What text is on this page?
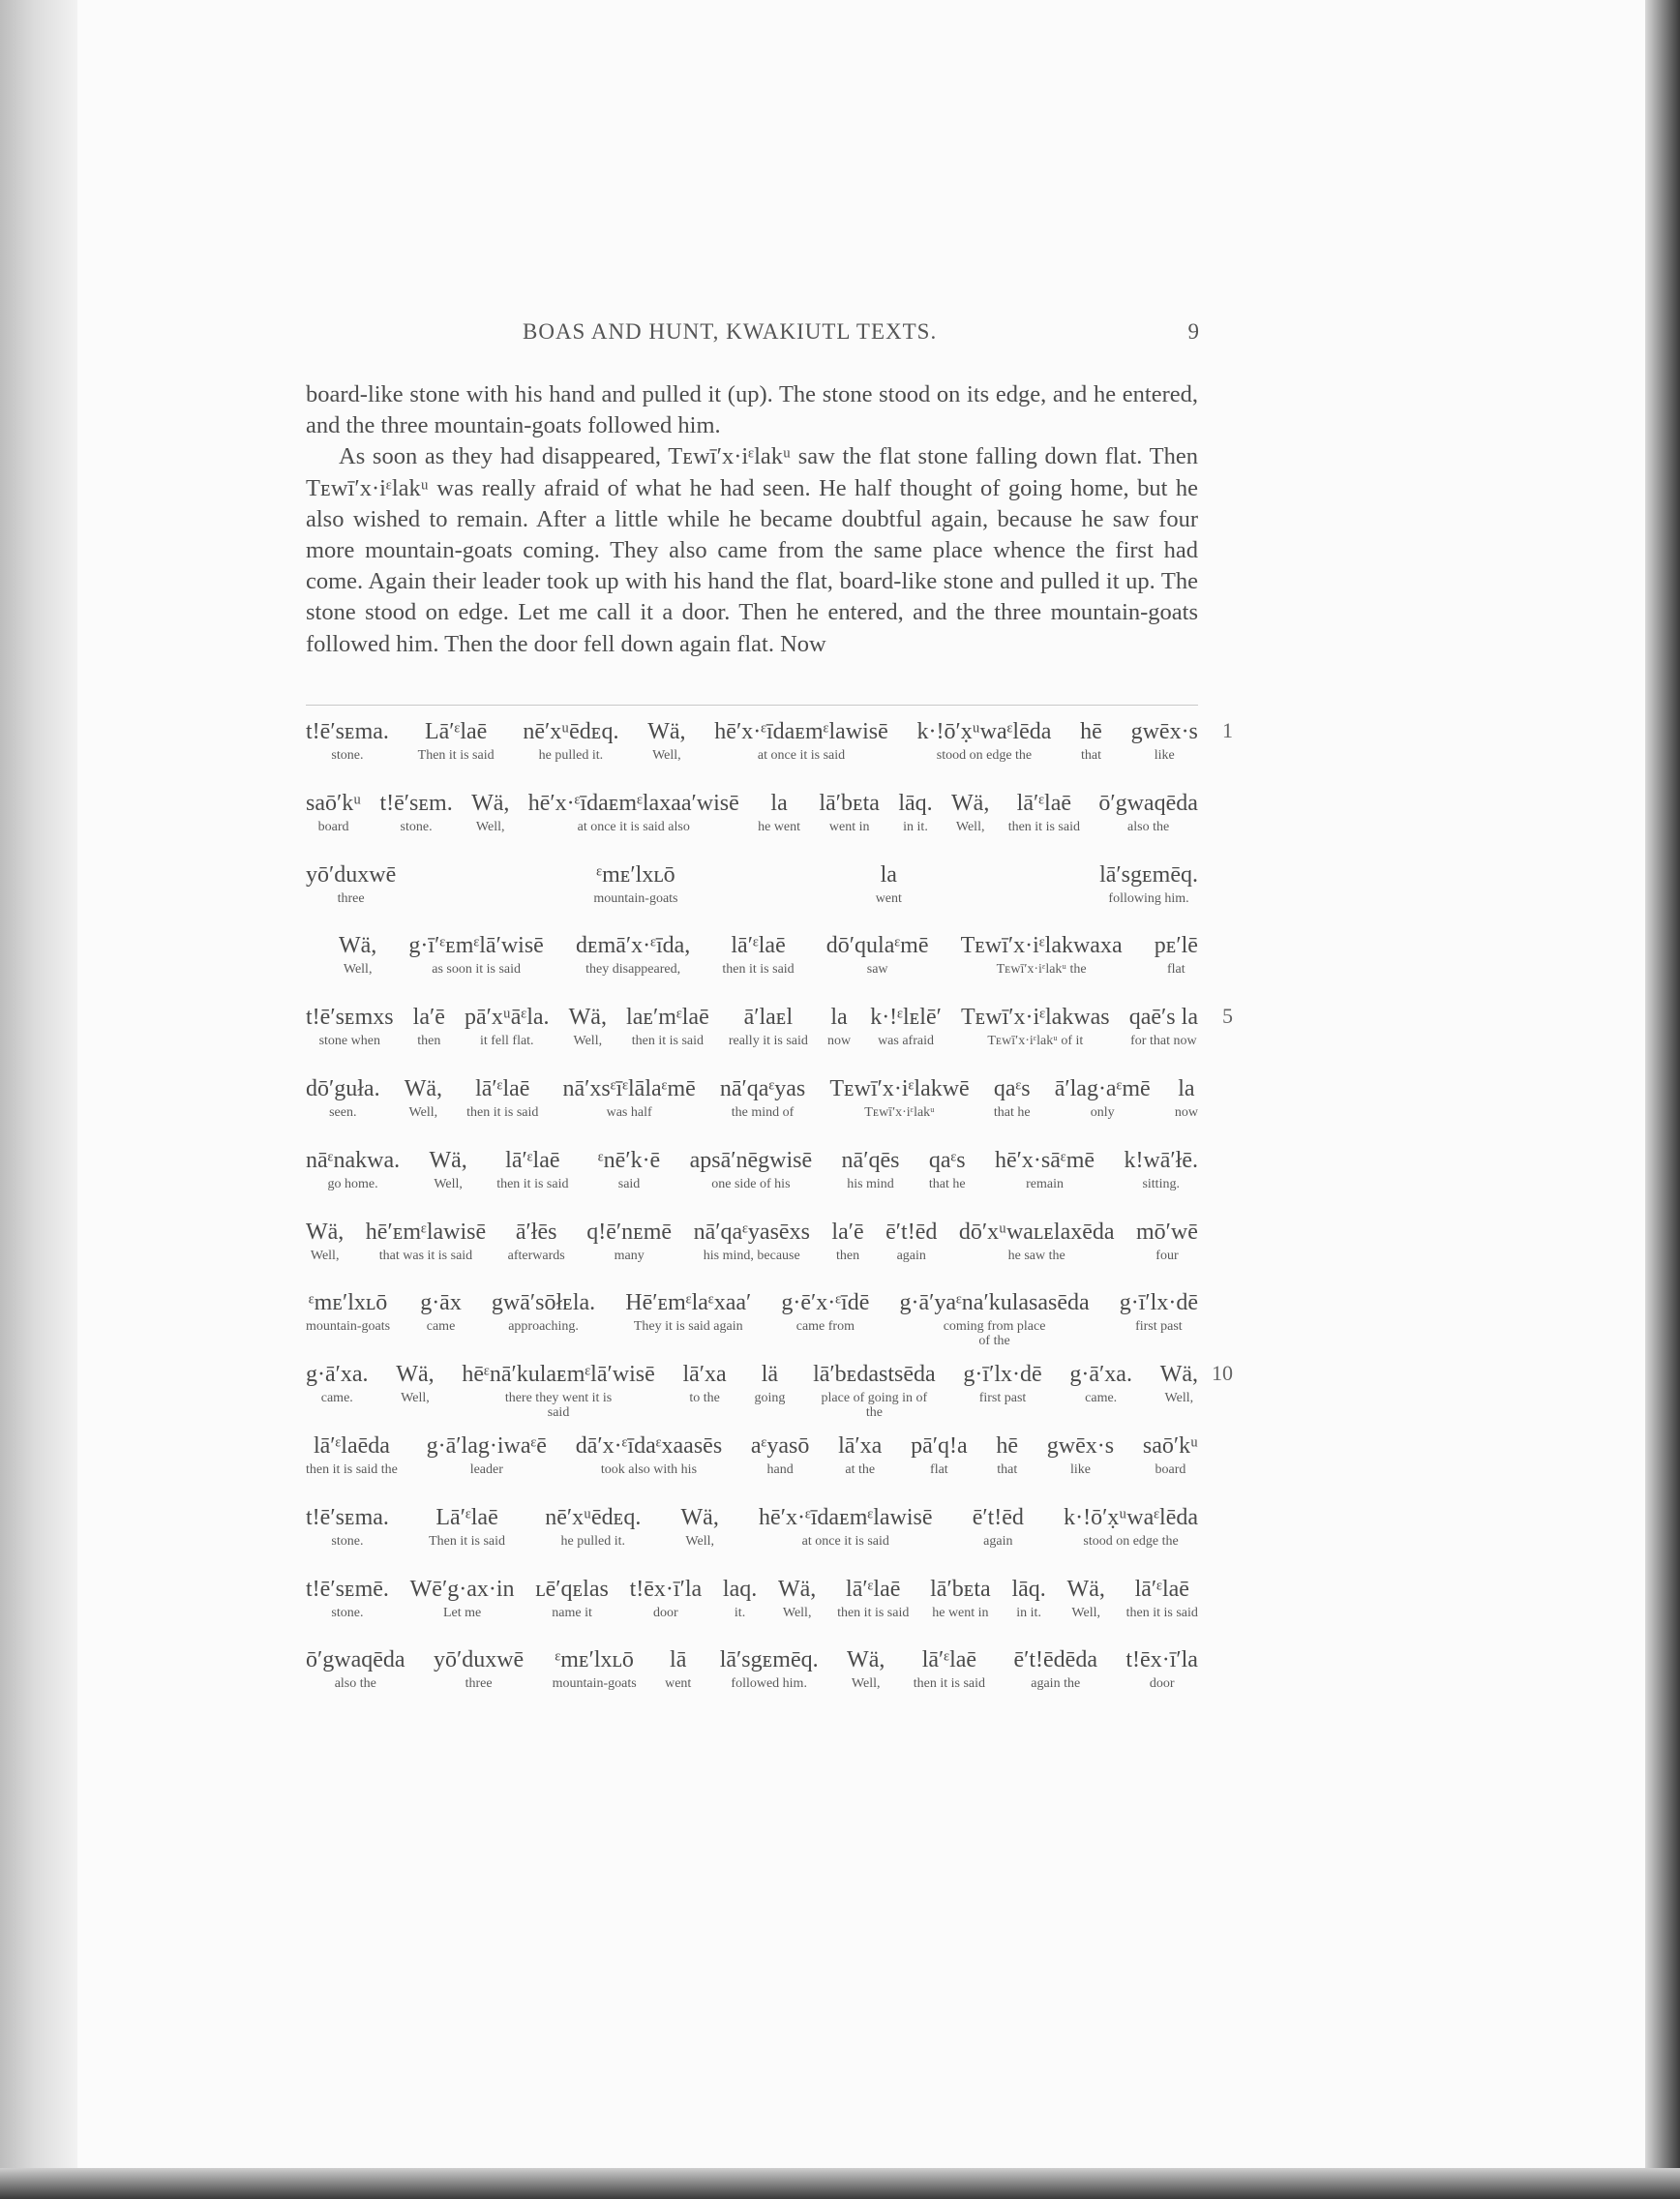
BOAS AND HUNT, KWAKIUTL TEXTS.	9

board-like stone with his hand and pulled it (up). The stone stood on its edge, and he entered, and the three mountain-goats followed him.

As soon as they had disappeared, Tᴇwī′x·iᵋlakᵘ saw the flat stone falling down flat. Then Tᴇwī′x·iᵋlakᵘ was really afraid of what he had seen. He half thought of going home, but he also wished to remain. After a little while he became doubtful again, because he saw four more mountain-goats coming. They also came from the same place whence the first had come. Again their leader took up with his hand the flat, board-like stone and pulled it up. The stone stood on edge. Let me call it a door. Then he entered, and the three mountain-goats followed him. Then the door fell down again flat. Now

t!ē′sᴇma.
stone.
Lā′ᵋlaē
Then it is said
nē′xᵘēdᴇq.
he pulled it.
Wä,
Well,
hē′x·ᵋīdaᴇmᵋlawisē
at once it is said
k·!ō′x̣ᵘwaᵋlēda
stood on edge the
hē
that
gwēx·s
like
1
saō′kᵘ
board
t!ē′sᴇm.
stone.
Wä,
Well,
hē′x·ᵋīdaᴇmᵋlaxaa′wisē
at once it is said also
la
he went
lā′bᴇta
went in
lāq.
in it.
Wä,
Well,
lā′ᵋlaē
then it is said
ō′gwaqēda
also the
yō′duxwē
three
ᵋmᴇ′lxʟō
mountain-goats
la
went
lā′sgᴇmēq.
following him.
Wä,
Well,
g·ī′ᵋᴇmᵋlā′wisē
as soon it is said
dᴇmā′x·ᵋīda,
they disappeared,
lā′ᵋlaē
then it is said
dō′qulaᵋmē
saw
Tᴇwī′x·iᵋlakwaxa
Tᴇwī′x·iᵋlakᵘ the
pᴇ′lē
flat
t!ē′sᴇmxs
stone when
la′ē
then
pā′xᵘāᵋla.
it fell flat.
Wä,
Well,
laᴇ′mᵋlaē
then it is said
ā′laᴇl
really it is said
la
now
k·!ᵋlᴇlē′
was afraid
Tᴇwī′x·iᵋlakwas
Tᴇwī′x·iᵋlakᵘ of it
qaē′s la
for that now
5
dō′gułа.
seen.
Wä,
Well,
lā′ᵋlaē
then it is said
nā′xsᵋīᵋlālaᵋmē
was half
nā′qaᵋyas
the mind of
Tᴇwī′x·iᵋlakwē
Tᴇwī′x·iᵋlakᵘ
qaᵋs
that he
ā′lag·aᵋmē
only
la
now
nāᵋnakwa.
go home.
Wä,
Well,
lā′ᵋlaē
then it is said
ᵋnē′k·ē
said
apsā′nēgwisē
one side of his
nā′qēs
his mind
qaᵋs
that he
hē′x·sāᵋmē
remain
k!wā′łē.
sitting.
Wä,
Well,
hē′ᴇmᵋlawisē
that was it is said
ā′łēs
afterwards
q!ē′nᴇmē
many
nā′qaᵋyasēxs
his mind, because
la′ē
then
ē′t!ēd
again
dō′xᵘwaʟᴇlaxēda
he saw the
mō′wē
four
ᵋmᴇ′lxʟō
mountain-goats
g·āx
came
gwā′sōłᴇla.
approaching.
Hē′ᴇmᵋlaᵋxaa′
They it is said again
g·ē′x·ᵋīdē
came from
g·ā′yaᵋna′kulasasēda
coming from place of the
g·ī′lx·dē
first past
g·ā′xa.
came.
Wä,
Well,
hēᵋnā′kulaᴇmᵋlā′wisē
there they went it is said
lā′xa
to the
lä
going
lā′bᴇdastsēda
place of going in of the
g·ī′lx·dē
first past
g·ā′xa.
came.
Wä,
Well,
10
lā′ᵋlaēda
then it is said the
g·ā′lag·iwaᵋē
leader
dā′x·ᵋīdaᵋxaasēs
took also with his
aᵋyasō
hand
lā′xa
at the
pā′q!a
flat
hē
that
gwēx·s
like
saō′kᵘ
board
t!ē′sᴇma.
stone.
Lā′ᵋlaē
Then it is said
nē′xᵘēdᴇq.
he pulled it.
Wä,
Well,
hē′x·ᵋīdaᴇmᵋlawisē
at once it is said
ē′t!ēd
again
k·!ō′x̣ᵘwaᵋlēda
stood on edge the
t!ē′sᴇmē.
stone.
Wē′g·ax·in
Let me
ʟē′qᴇlas
name it
t!ēx·ī′la
door
laq.
it.
Wä,
Well,
lā′ᵋlaē
then it is said
lā′bᴇta
he went in
lāq.
in it.
Wä,
Well,
lā′ᵋlaē
then it is said
ō′gwaqēda
also the
yō′duxwē
three
ᵋmᴇ′lxʟō
mountain-goats
lā
went
lā′sgᴇmēq.
followed him.
Wä,
Well,
lā′ᵋlaē
then it is said
ē′t!ēdēda
again the
t!ēx·ī′la
door
